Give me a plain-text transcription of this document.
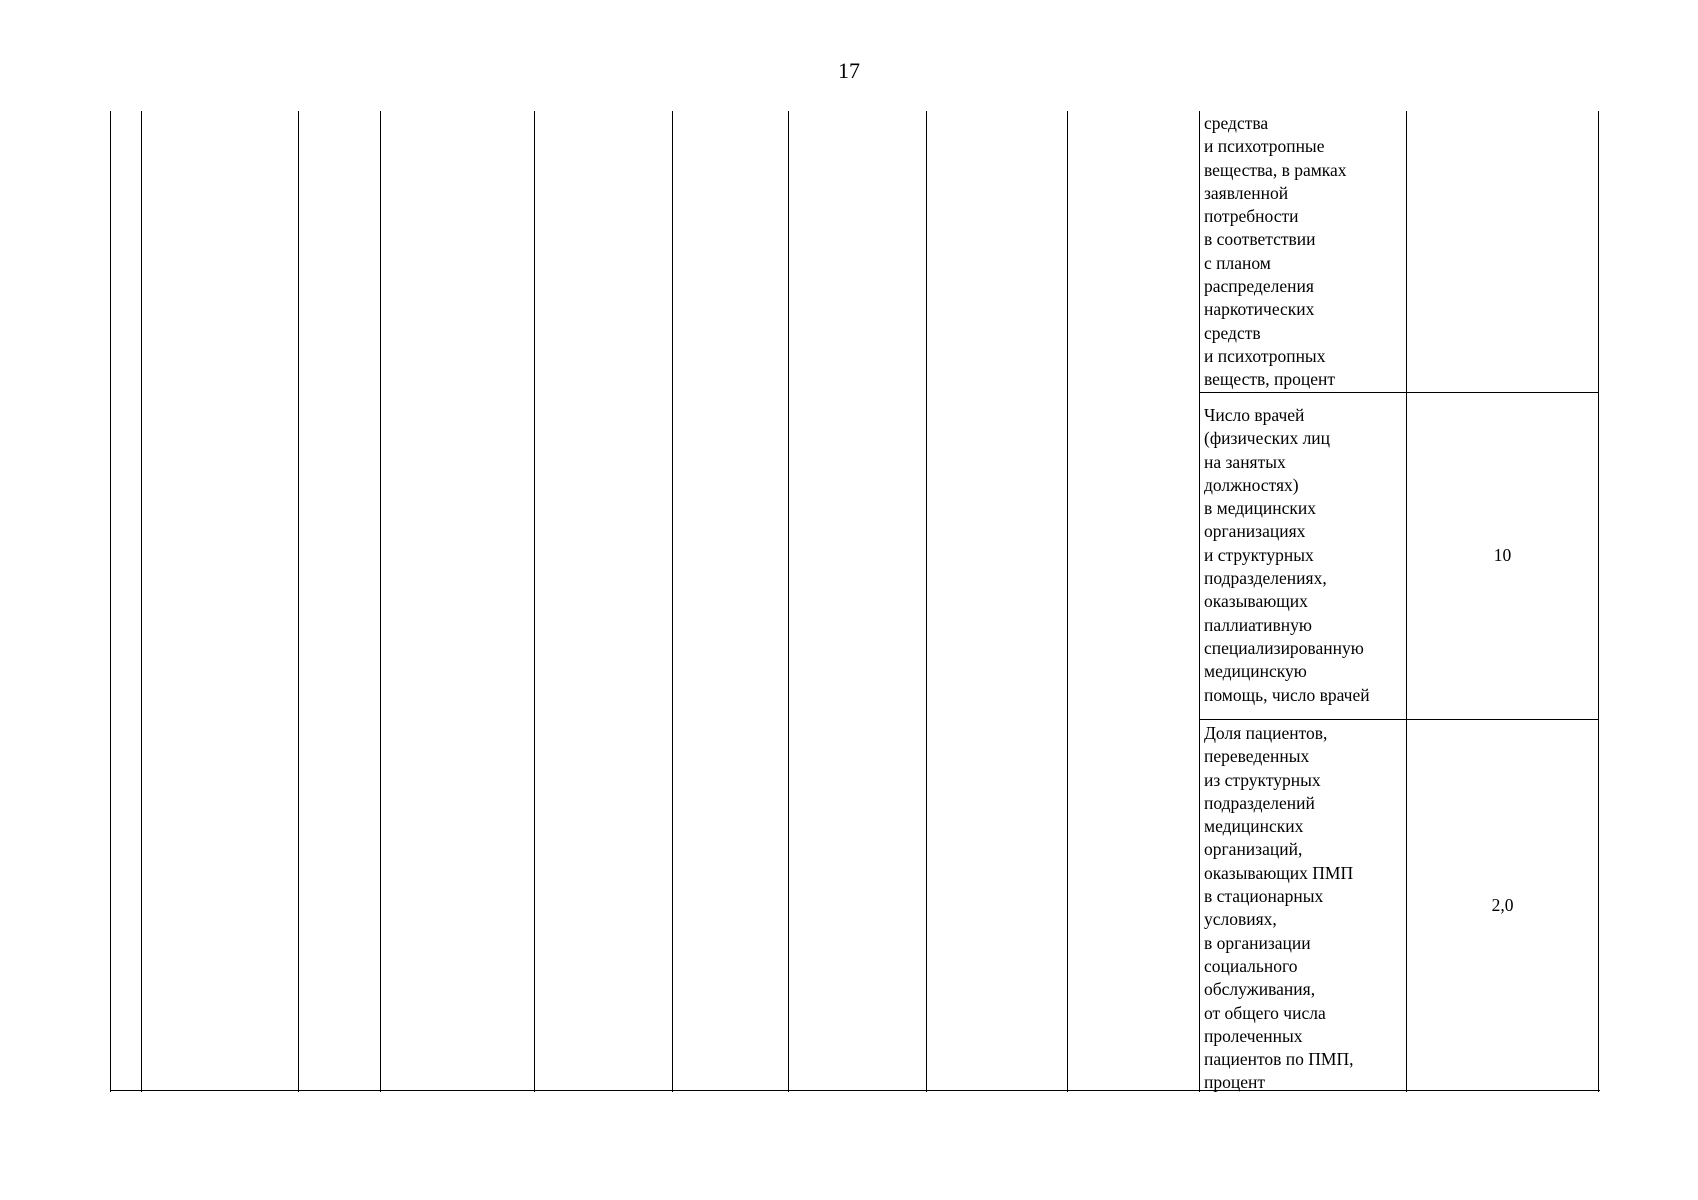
17
средства
и психотропные
вещества, в рамках
заявленной
потребности
в соответствии
с планом
распределения
наркотических
средств
и психотропных
веществ, процент
Число врачей
(физических лиц
на занятых
должностях)
в медицинских
организациях
и структурных
подразделениях,
оказывающих
паллиативную
специализированную
медицинскую
помощь, число врачей
10
Доля пациентов,
переведенных
из структурных
подразделений
медицинских
организаций,
оказывающих ПМП
в стационарных
условиях,
в организации
социального
обслуживания,
от общего числа
пролеченных
пациентов по ПМП,
процент
2,0
